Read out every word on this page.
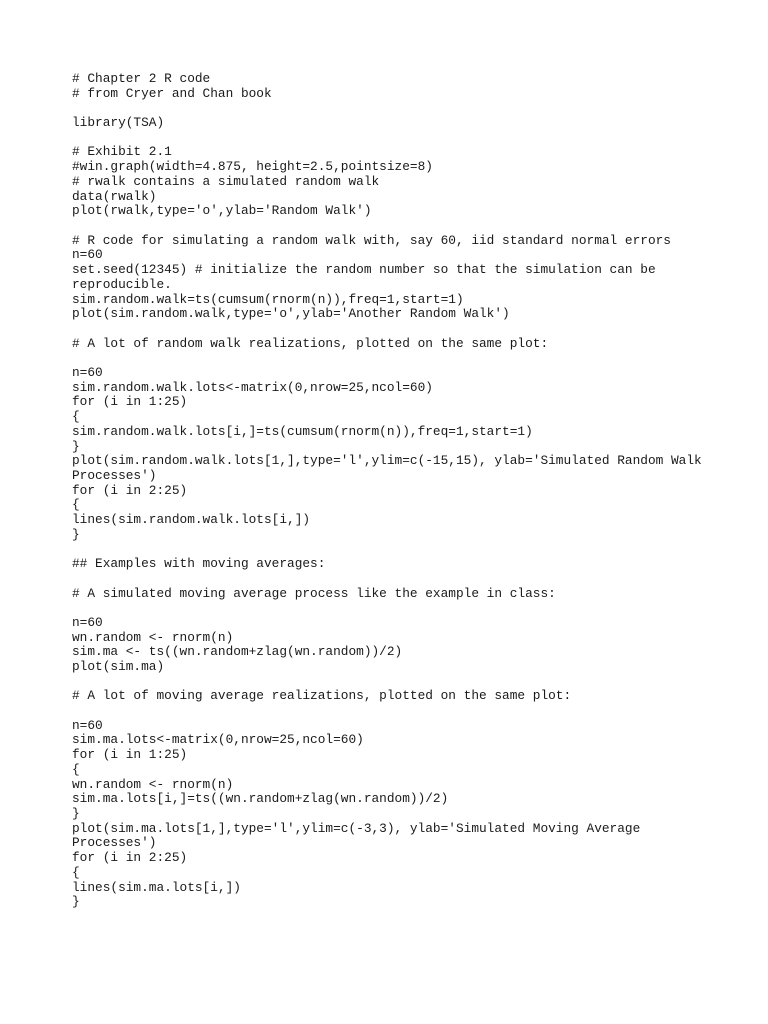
# Chapter 2 R code
# from Cryer and Chan book
library(TSA)
# Exhibit 2.1
#win.graph(width=4.875, height=2.5,pointsize=8)
# rwalk contains a simulated random walk
data(rwalk)
plot(rwalk,type='o',ylab='Random Walk')
# R code for simulating a random walk with, say 60, iid standard normal errors
n=60
set.seed(12345) # initialize the random number so that the simulation can be
reproducible.
sim.random.walk=ts(cumsum(rnorm(n)),freq=1,start=1)
plot(sim.random.walk,type='o',ylab='Another Random Walk')
# A lot of random walk realizations, plotted on the same plot:
n=60
sim.random.walk.lots<-matrix(0,nrow=25,ncol=60)
for (i in 1:25)
{
sim.random.walk.lots[i,]=ts(cumsum(rnorm(n)),freq=1,start=1)
}
plot(sim.random.walk.lots[1,],type='l',ylim=c(-15,15), ylab='Simulated Random Walk
Processes')
for (i in 2:25)
{
lines(sim.random.walk.lots[i,])
}
## Examples with moving averages:
# A simulated moving average process like the example in class:
n=60
wn.random <- rnorm(n)
sim.ma <- ts((wn.random+zlag(wn.random))/2)
plot(sim.ma)
# A lot of moving average realizations, plotted on the same plot:
n=60
sim.ma.lots<-matrix(0,nrow=25,ncol=60)
for (i in 1:25)
{
wn.random <- rnorm(n)
sim.ma.lots[i,]=ts((wn.random+zlag(wn.random))/2)
}
plot(sim.ma.lots[1,],type='l',ylim=c(-3,3), ylab='Simulated Moving Average
Processes')
for (i in 2:25)
{
lines(sim.ma.lots[i,])
}
